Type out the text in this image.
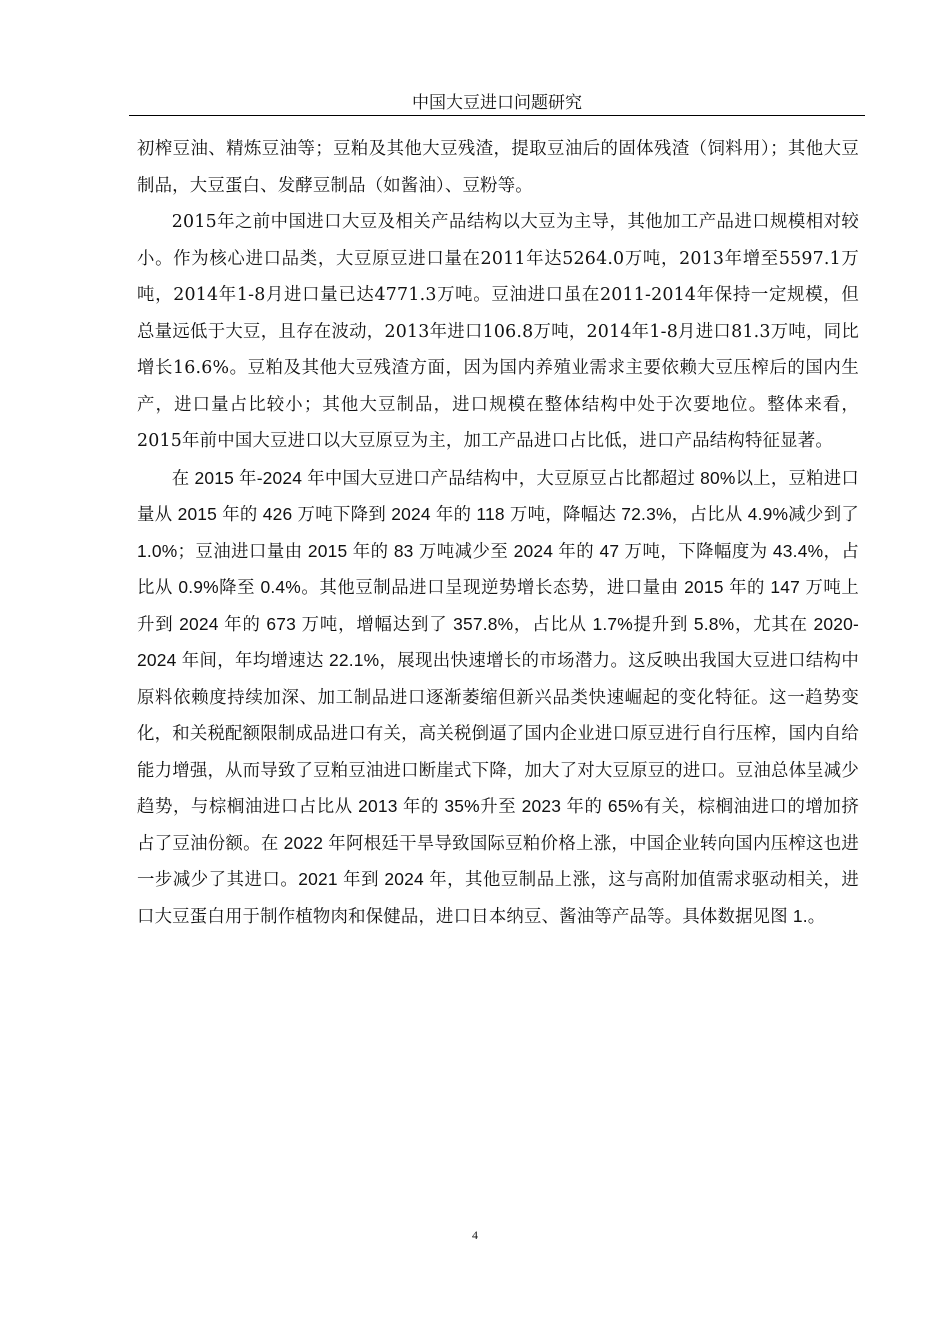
中国大豆进口问题研究

初榨豆油、精炼豆油等；豆粕及其他大豆残渣，提取豆油后的固体残渣（饲料用）；其他大豆制品，大豆蛋白、发酵豆制品（如酱油）、豆粉等。

2015年之前中国进口大豆及相关产品结构以大豆为主导，其他加工产品进口规模相对较小。作为核心进口品类，大豆原豆进口量在2011年达5264.0万吨，2013年增至5597.1万吨，2014年1-8月进口量已达4771.3万吨。豆油进口虽在2011-2014年保持一定规模，但总量远低于大豆，且存在波动，2013年进口106.8万吨，2014年1-8月进口81.3万吨，同比增长16.6%。豆粕及其他大豆残渣方面，因为国内养殖业需求主要依赖大豆压榨后的国内生产，进口量占比较小；其他大豆制品，进口规模在整体结构中处于次要地位。整体来看，2015年前中国大豆进口以大豆原豆为主，加工产品进口占比低，进口产品结构特征显著。

在 2015 年-2024 年中国大豆进口产品结构中，大豆原豆占比都超过 80%以上，豆粕进口量从 2015 年的 426 万吨下降到 2024 年的 118 万吨，降幅达 72.3%，占比从 4.9%减少到了 1.0%；豆油进口量由 2015 年的 83 万吨减少至 2024 年的 47 万吨，下降幅度为 43.4%，占比从 0.9%降至 0.4%。其他豆制品进口呈现逆势增长态势，进口量由 2015 年的 147 万吨上升到 2024 年的 673 万吨，增幅达到了 357.8%，占比从 1.7%提升到 5.8%，尤其在 2020-2024 年间，年均增速达 22.1%，展现出快速增长的市场潜力。这反映出我国大豆进口结构中原料依赖度持续加深、加工制品进口逐渐萎缩但新兴品类快速崛起的变化特征。这一趋势变化，和关税配额限制成品进口有关，高关税倒逼了国内企业进口原豆进行自行压榨，国内自给能力增强，从而导致了豆粕豆油进口断崖式下降，加大了对大豆原豆的进口。豆油总体呈减少趋势，与棕榈油进口占比从 2013 年的 35%升至 2023 年的 65%有关，棕榈油进口的增加挤占了豆油份额。在 2022 年阿根廷干旱导致国际豆粕价格上涨，中国企业转向国内压榨这也进一步减少了其进口。2021 年到 2024 年，其他豆制品上涨，这与高附加值需求驱动相关，进口大豆蛋白用于制作植物肉和保健品，进口日本纳豆、酱油等产品等。具体数据见图 1.。

4
